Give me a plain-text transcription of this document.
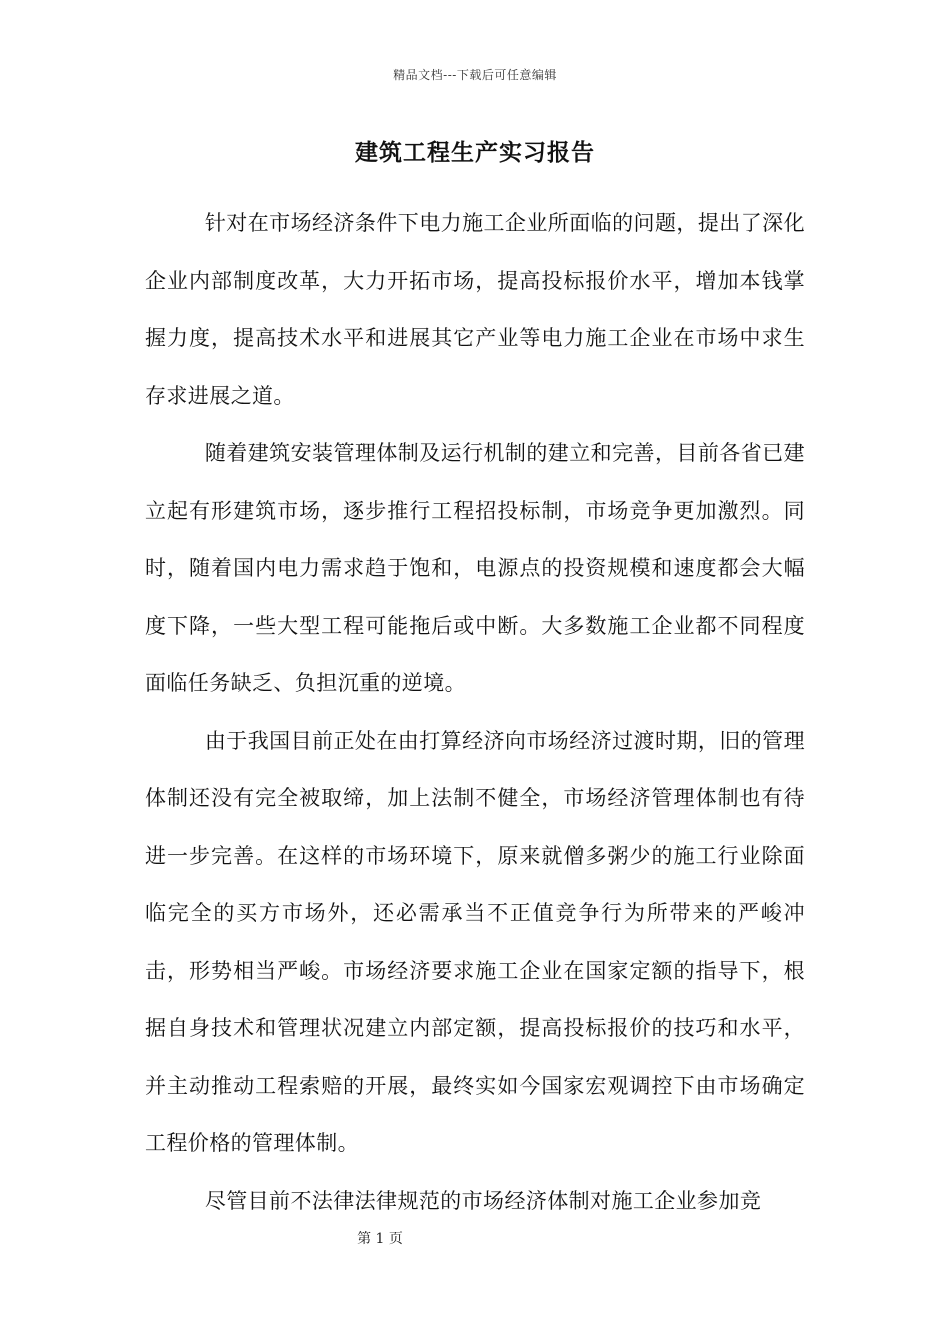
精品文档---下载后可任意编辑
建筑工程生产实习报告

针对在市场经济条件下电力施工企业所面临的问题，提出了深化企业内部制度改革，大力开拓市场，提高投标报价水平，增加本钱掌握力度，提高技术水平和进展其它产业等电力施工企业在市场中求生存求进展之道。

随着建筑安装管理体制及运行机制的建立和完善，目前各省已建立起有形建筑市场，逐步推行工程招投标制，市场竞争更加激烈。同时，随着国内电力需求趋于饱和，电源点的投资规模和速度都会大幅度下降，一些大型工程可能拖后或中断。大多数施工企业都不同程度面临任务缺乏、负担沉重的逆境。

由于我国目前正处在由打算经济向市场经济过渡时期，旧的管理体制还没有完全被取缔，加上法制不健全，市场经济管理体制也有待进一步完善。在这样的市场环境下，原来就僧多粥少的施工行业除面临完全的买方市场外，还必需承当不正值竞争行为所带来的严峻冲击，形势相当严峻。市场经济要求施工企业在国家定额的指导下，根据自身技术和管理状况建立内部定额，提高投标报价的技巧和水平，并主动推动工程索赔的开展，最终实如今国家宏观调控下由市场确定工程价格的管理体制。

尽管目前不法律法律规范的市场经济体制对施工企业参加竞

第 1 页
